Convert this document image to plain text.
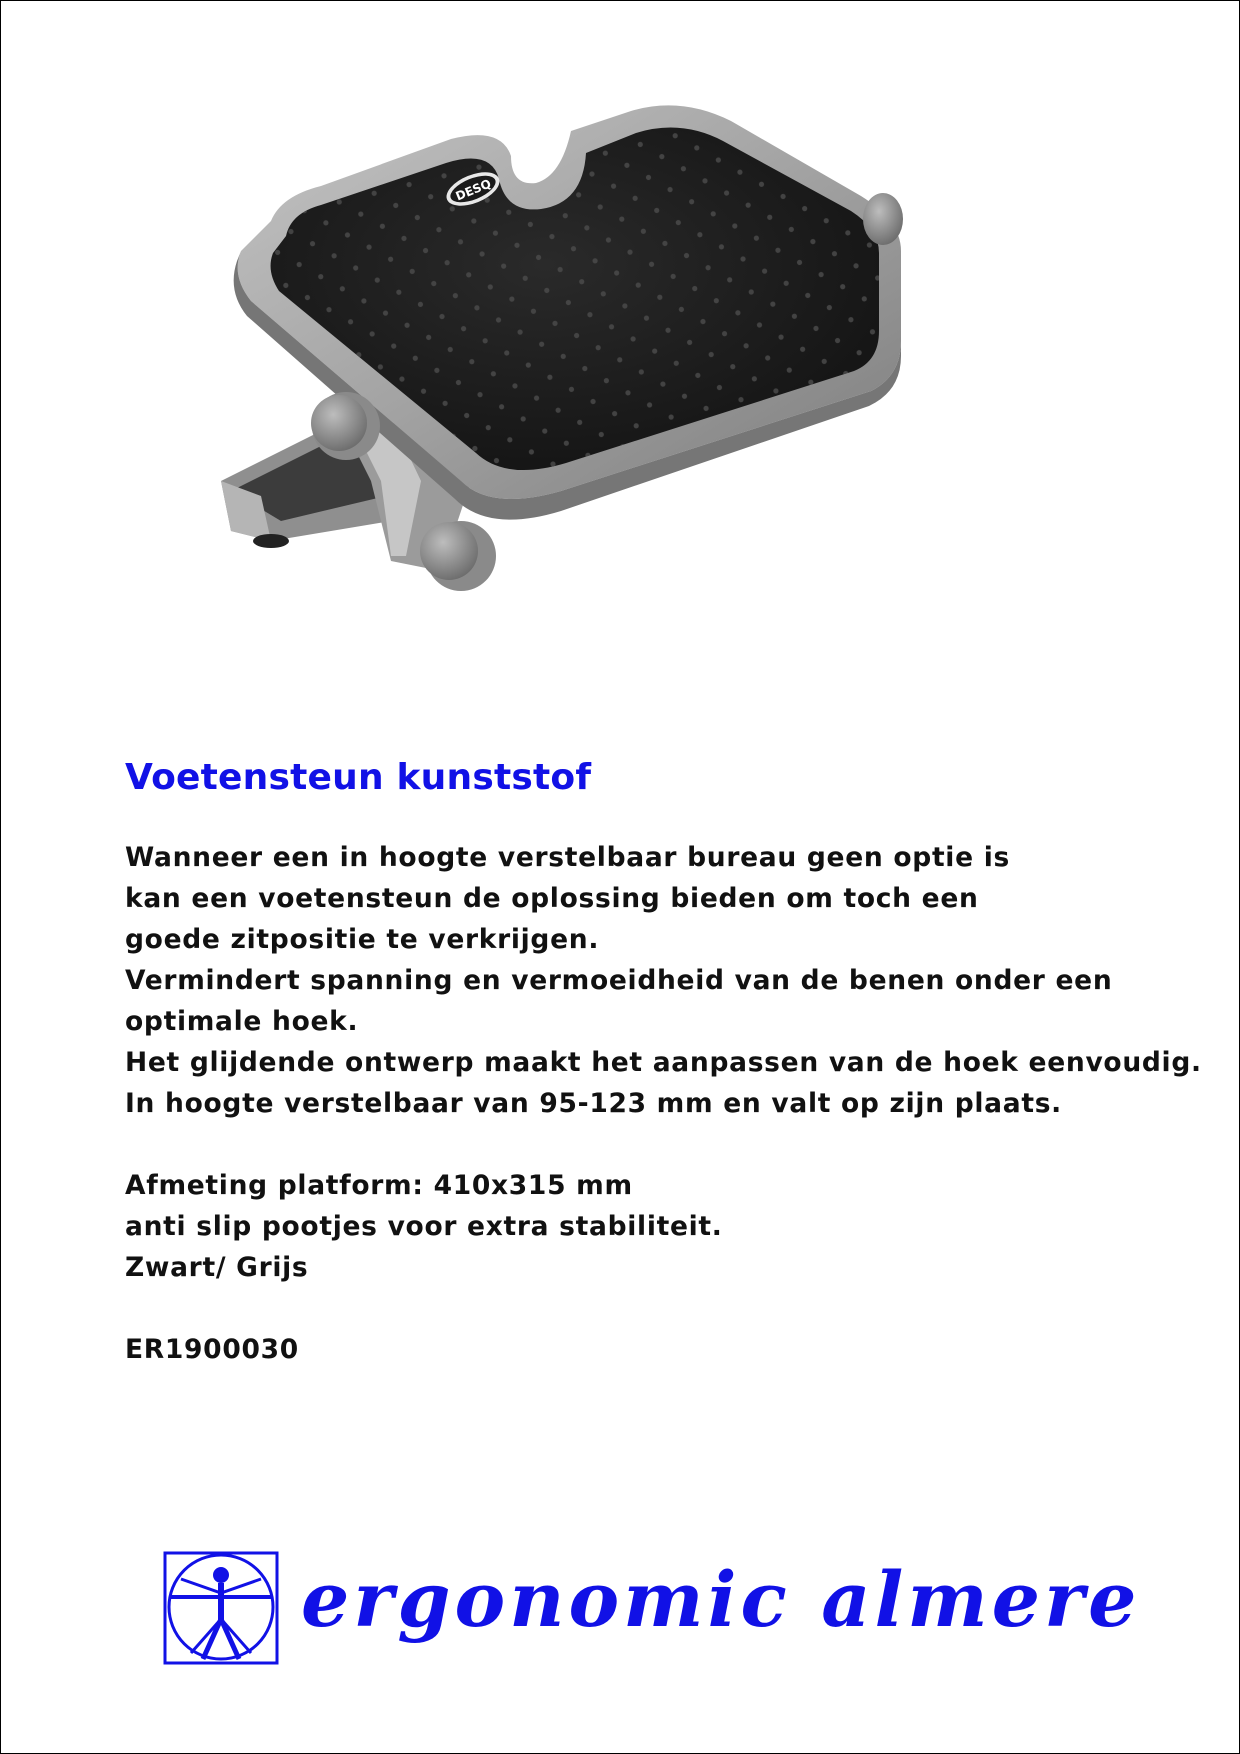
DESQ
Voetensteun kunststof
Wanneer een in hoogte verstelbaar bureau geen optie is
kan een voetensteun de oplossing bieden om toch een
goede zitpositie te verkrijgen.
Vermindert spanning en vermoeidheid van de benen onder een
optimale hoek.
Het glijdende ontwerp maakt het aanpassen van de hoek eenvoudig.
In hoogte verstelbaar van 95-123 mm en valt op zijn plaats.
Afmeting platform: 410x315 mm
anti slip pootjes voor extra stabiliteit.
Zwart/ Grijs
ER1900030
ergonomic almere
